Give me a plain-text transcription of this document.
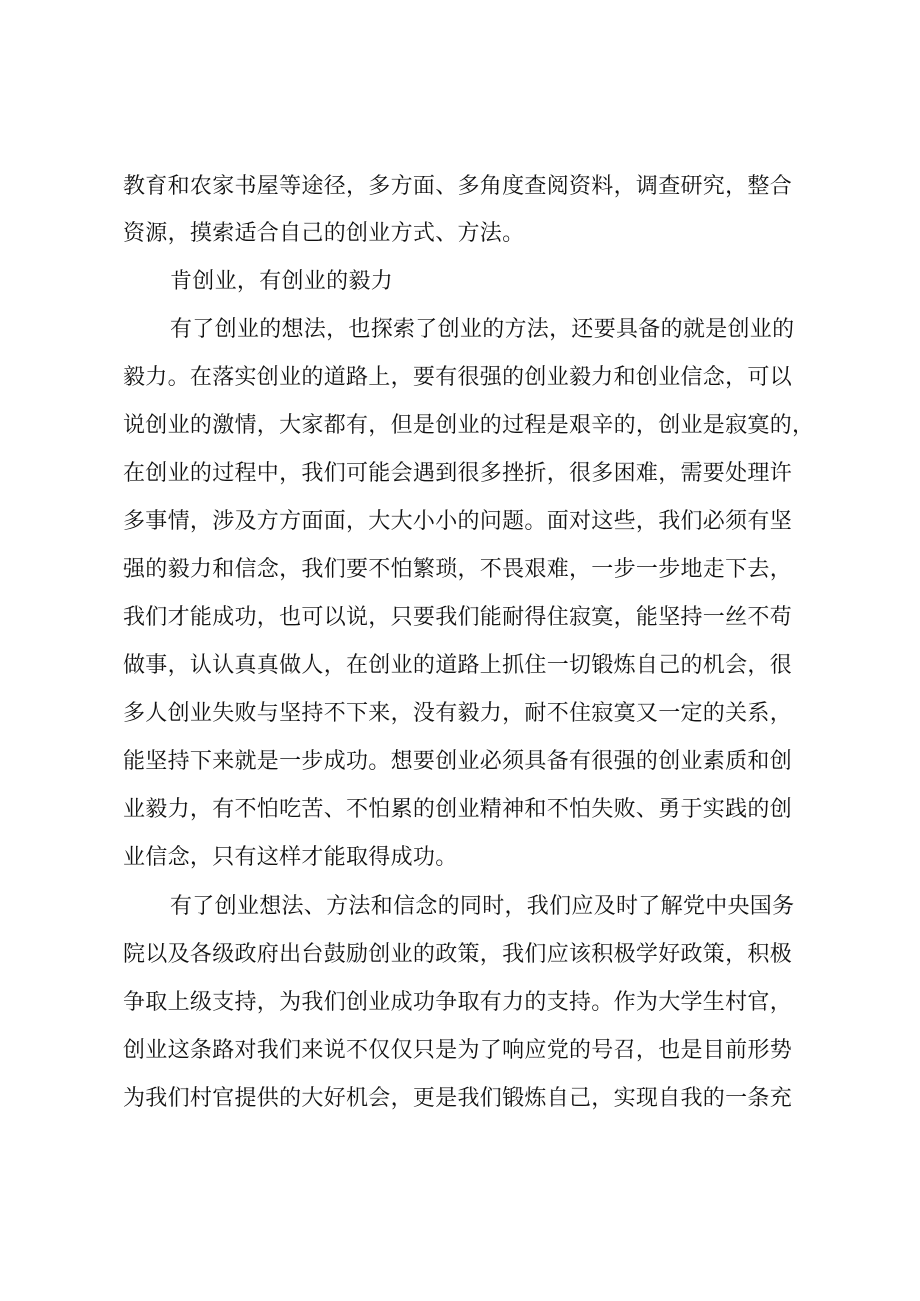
教育和农家书屋等途径，多方面、多角度查阅资料，调查研究，整合
资源，摸索适合自己的创业方式、方法。
肯创业，有创业的毅力
有了创业的想法，也探索了创业的方法，还要具备的就是创业的
毅力。在落实创业的道路上，要有很强的创业毅力和创业信念，可以
说创业的激情，大家都有，但是创业的过程是艰辛的，创业是寂寞的，
在创业的过程中，我们可能会遇到很多挫折，很多困难，需要处理许
多事情，涉及方方面面，大大小小的问题。面对这些，我们必须有坚
强的毅力和信念，我们要不怕繁琐，不畏艰难，一步一步地走下去，
我们才能成功，也可以说，只要我们能耐得住寂寞，能坚持一丝不苟
做事，认认真真做人，在创业的道路上抓住一切锻炼自己的机会，很
多人创业失败与坚持不下来，没有毅力，耐不住寂寞又一定的关系，
能坚持下来就是一步成功。想要创业必须具备有很强的创业素质和创
业毅力，有不怕吃苦、不怕累的创业精神和不怕失败、勇于实践的创
业信念，只有这样才能取得成功。
有了创业想法、方法和信念的同时，我们应及时了解党中央国务
院以及各级政府出台鼓励创业的政策，我们应该积极学好政策，积极
争取上级支持，为我们创业成功争取有力的支持。作为大学生村官，
创业这条路对我们来说不仅仅只是为了响应党的号召，也是目前形势
为我们村官提供的大好机会，更是我们锻炼自己，实现自我的一条充
